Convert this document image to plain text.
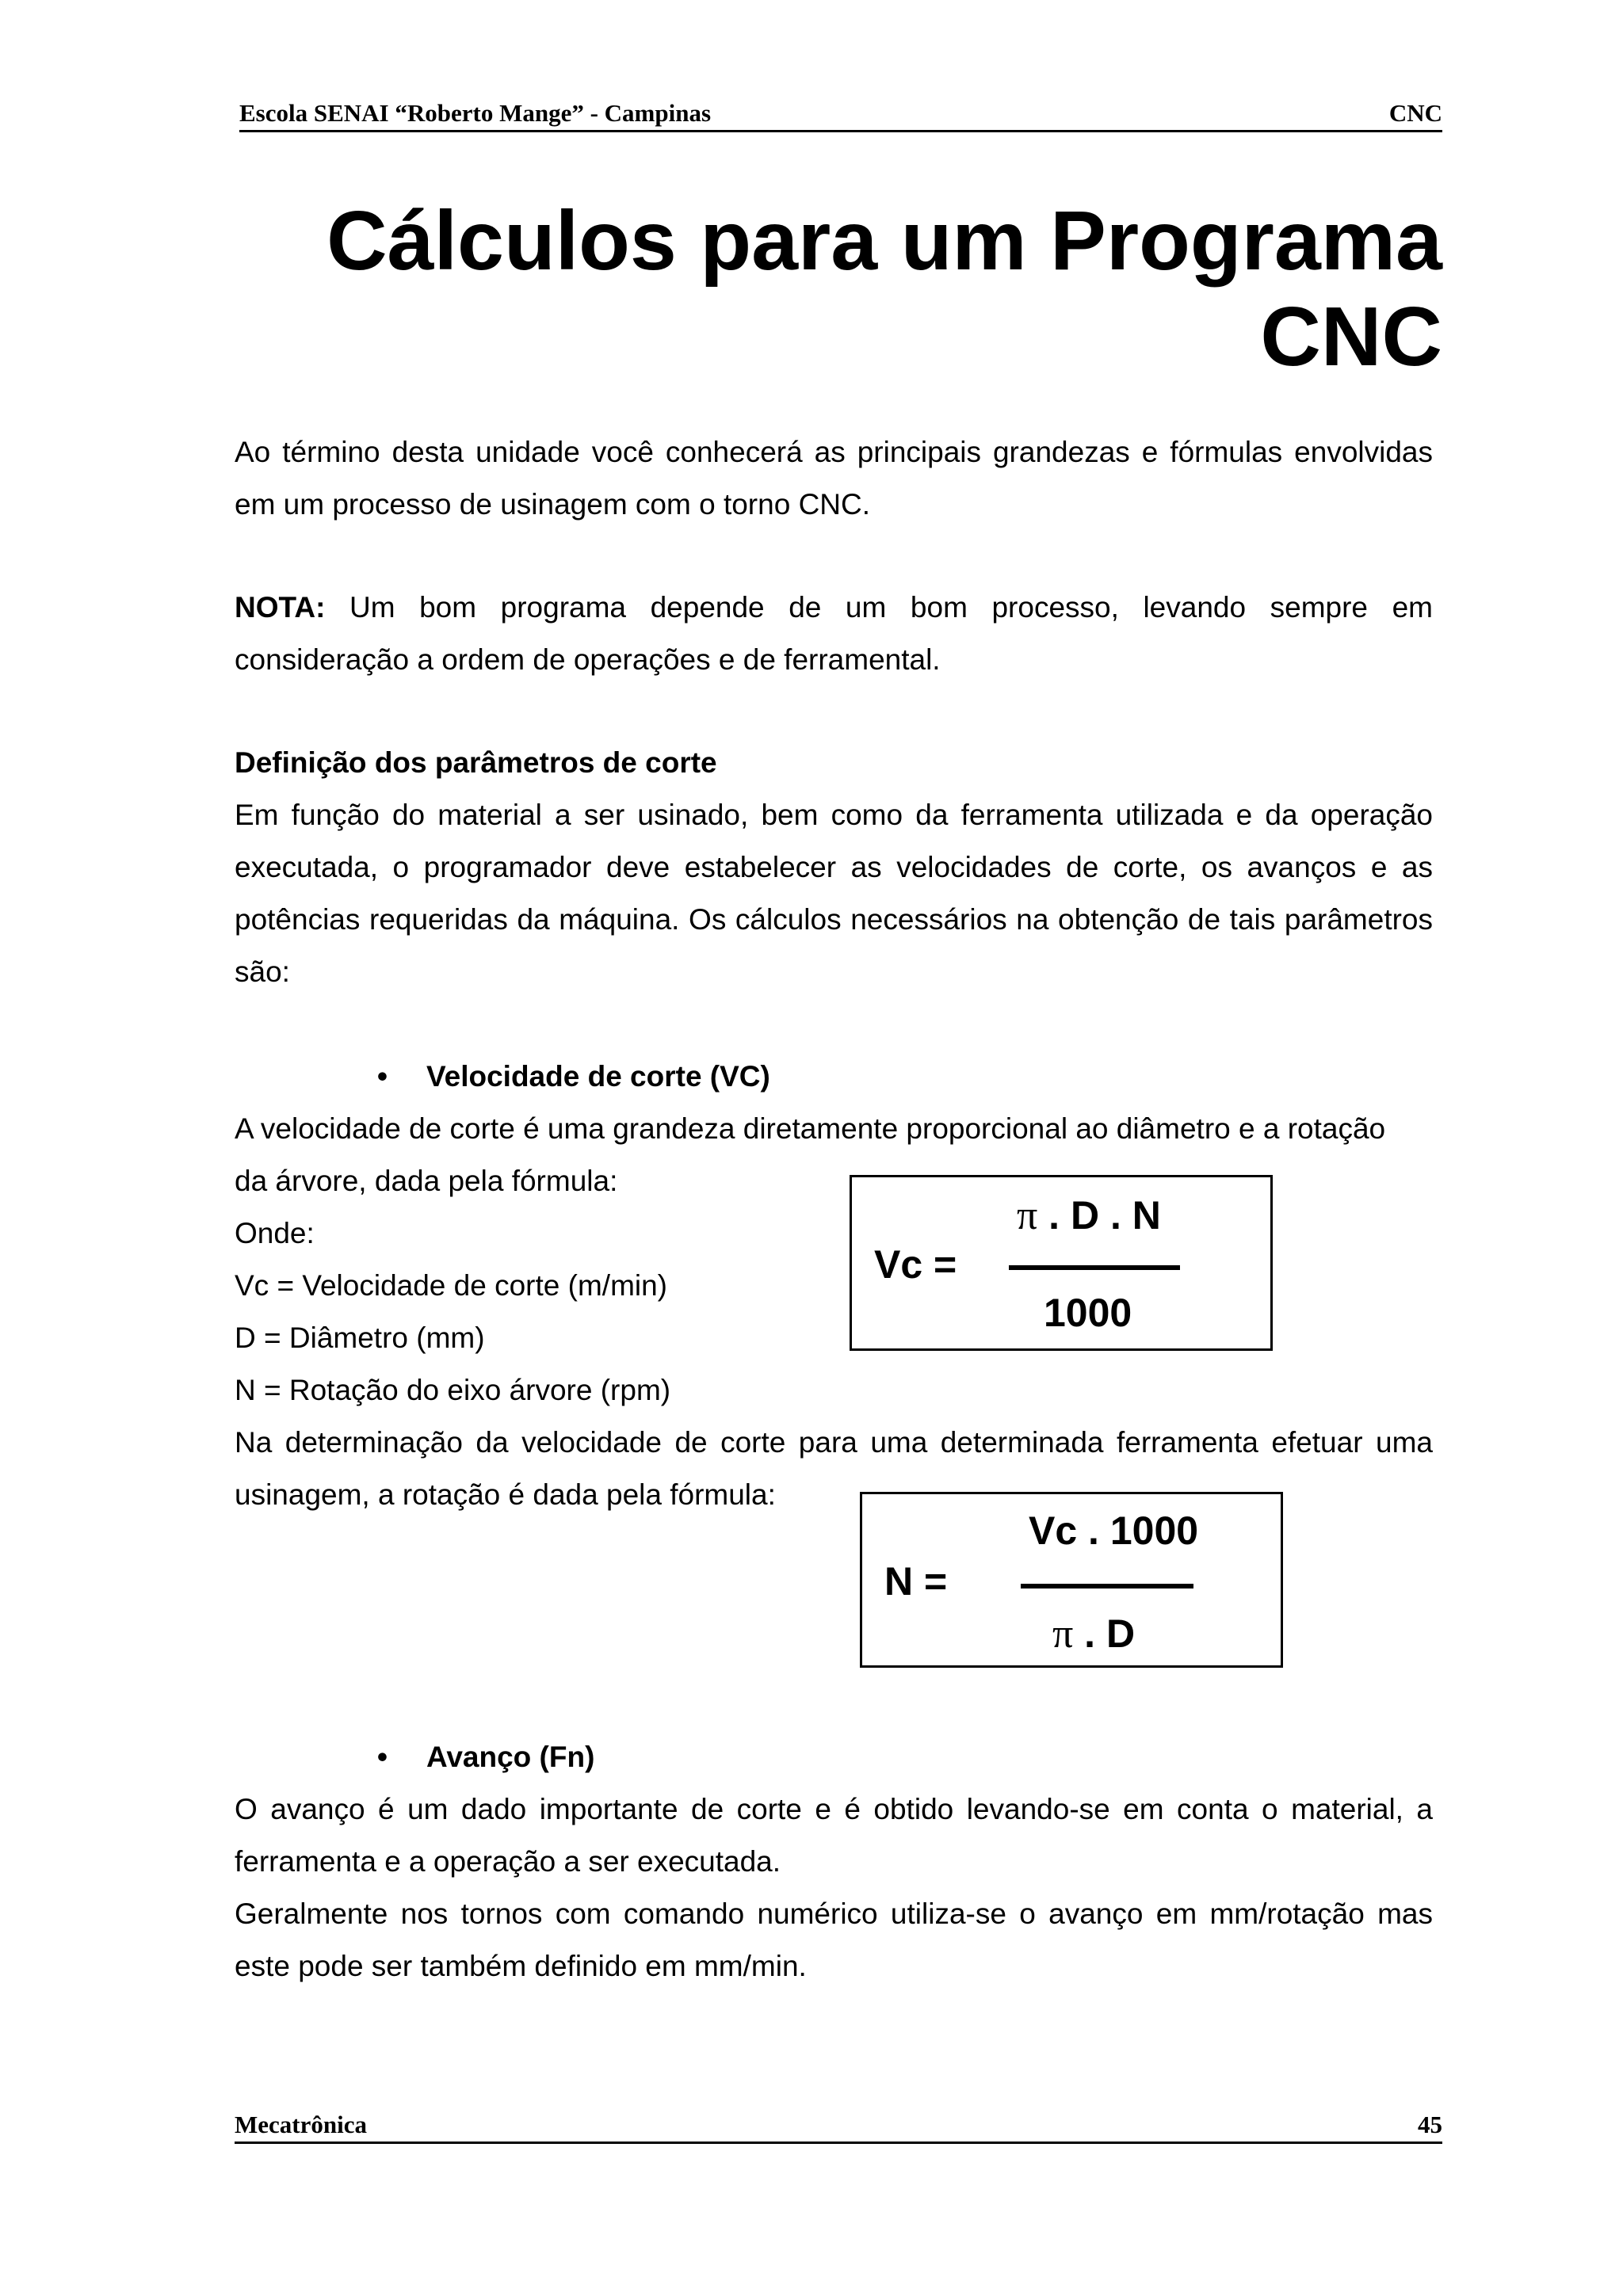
Escola SENAI “Roberto Mange” - Campinas	CNC
Cálculos para um Programa
CNC
Ao término desta unidade você conhecerá as principais grandezas e fórmulas envolvidas em um processo de usinagem com o torno CNC.
NOTA: Um bom programa depende de um bom processo, levando sempre em consideração a ordem de operações e de ferramental.
Definição dos parâmetros de corte
Em função do material a ser usinado, bem como da ferramenta utilizada e da operação executada, o programador deve estabelecer as velocidades de corte, os avanços e as potências requeridas da máquina. Os cálculos necessários na obtenção de tais parâmetros são:
• Velocidade de corte (VC)
A velocidade de corte é uma grandeza diretamente proporcional ao diâmetro e a rotação
da árvore, dada pela fórmula:
Onde:
Vc = Velocidade de corte (m/min)
D = Diâmetro (mm)
N = Rotação do eixo árvore (rpm)
Na determinação da velocidade de corte para uma determinada ferramenta efetuar uma usinagem, a rotação é dada pela fórmula:
Vc =
π . D . N
1000
N =
Vc . 1000
π . D
• Avanço (Fn)
O avanço é um dado importante de corte e é obtido levando-se em conta o material, a ferramenta e a operação a ser executada.
Geralmente nos tornos com comando numérico utiliza-se o avanço em mm/rotação mas este pode ser também definido em mm/min.
Mecatrônica	45
